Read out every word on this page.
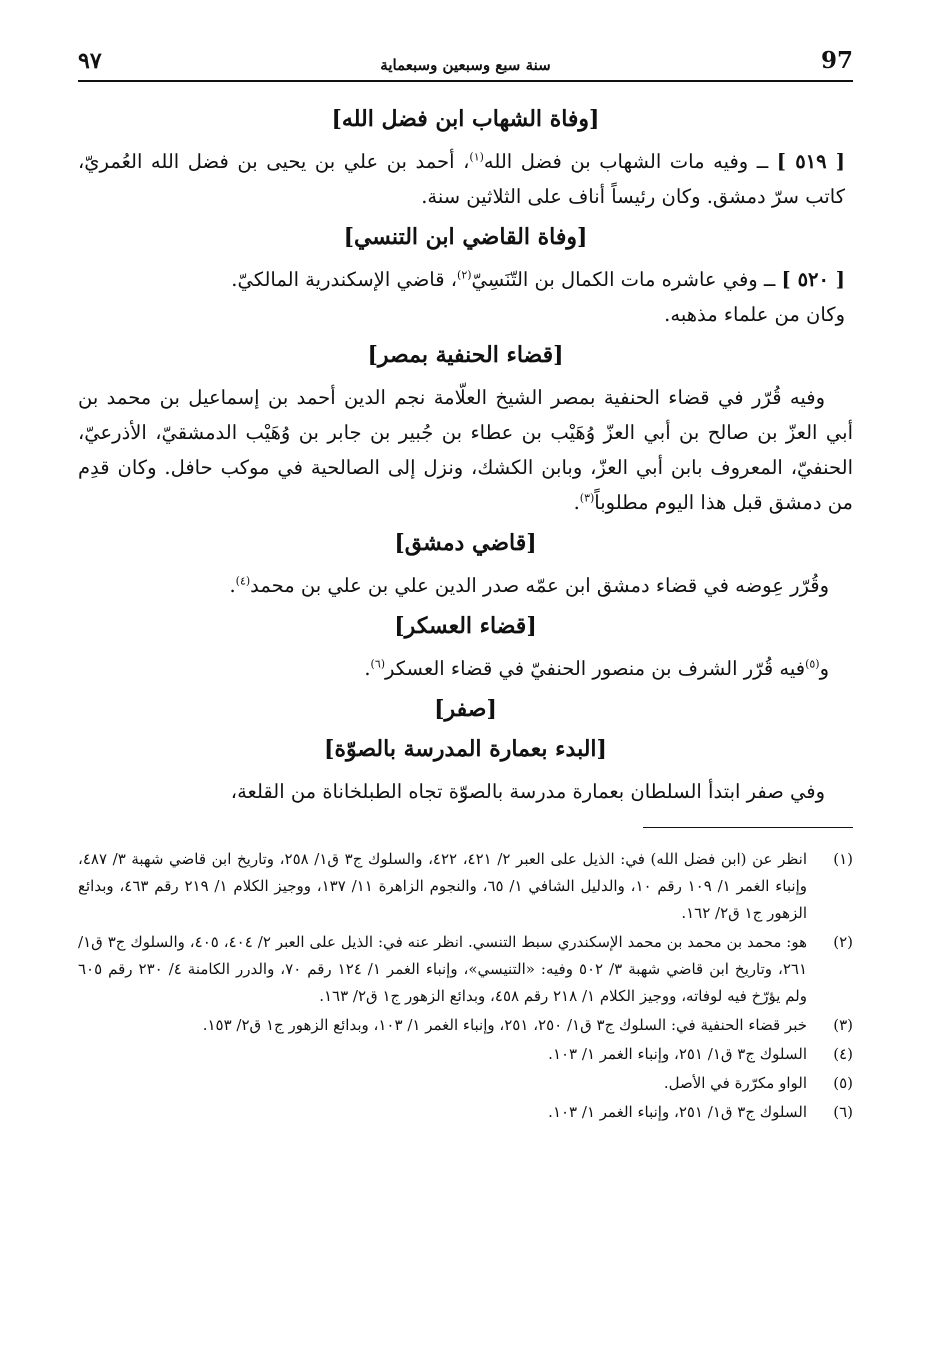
97
سنة سبع وسبعين وسبعماية
٩٧
[وفاة الشهاب ابن فضل الله]

[ ٥١٩ ] ــ وفيه مات الشهاب بن فضل الله$^{(١)}$، أحمد بن علي بن يحيى بن فضل الله العُمريّ، كاتب سرّ دمشق. وكان رئيساً أناف على الثلاثين سنة.

[وفاة القاضي ابن التنسي]

[ ٥٢٠ ] ــ وفي عاشره مات الكمال بن التّنَسِيّ$^{(٢)}$، قاضي الإسكندرية المالكيّ.
وكان من علماء مذهبه.

[قضاء الحنفية بمصر]

وفيه قُرّر في قضاء الحنفية بمصر الشيخ العلّامة نجم الدين أحمد بن إسماعيل بن محمد بن أبي العزّ بن صالح بن أبي العزّ وُهَيْب بن عطاء بن جُبير بن جابر بن وُهَيْب الدمشقيّ، الأذرعيّ، الحنفيّ، المعروف بابن أبي العزّ، وبابن الكشك، ونزل إلى الصالحية في موكب حافل. وكان قدِم من دمشق قبل هذا اليوم مطلوباً$^{(٣)}$.

[قاضي دمشق]

وقُرّر عِوضه في قضاء دمشق ابن عمّه صدر الدين علي بن علي بن محمد$^{(٤)}$.

[قضاء العسكر]

و$^{(٥)}$فيه قُرّر الشرف بن منصور الحنفيّ في قضاء العسكر$^{(٦)}$.

[صفر]
[البدء بعمارة المدرسة بالصوّة]

وفي صفر ابتدأ السلطان بعمارة مدرسة بالصوّة تجاه الطبلخاناة من القلعة،

(١)
انظر عن (ابن فضل الله) في: الذيل على العبر ٢/ ٤٢١، ٤٢٢، والسلوك ج٣ ق١/ ٢٥٨، وتاريخ ابن قاضي شهبة ٣/ ٤٨٧، وإنباء الغمر ١/ ١٠٩ رقم ١٠، والدليل الشافي ١/ ٦٥، والنجوم الزاهرة ١١/ ١٣٧، ووجيز الكلام ١/ ٢١٩ رقم ٤٦٣، وبدائع الزهور ج١ ق٢/ ١٦٢.
(٢)
هو: محمد بن محمد بن محمد الإسكندري سبط التنسي. انظر عنه في: الذيل على العبر ٢/ ٤٠٤، ٤٠٥، والسلوك ج٣ ق١/ ٢٦١، وتاريخ ابن قاضي شهبة ٣/ ٥٠٢ وفيه: «التنيسي»، وإنباء الغمر ١/ ١٢٤ رقم ٧٠، والدرر الكامنة ٤/ ٢٣٠ رقم ٦٠٥ ولم يؤرّخ فيه لوفاته، ووجيز الكلام ١/ ٢١٨ رقم ٤٥٨، وبدائع الزهور ج١ ق٢/ ١٦٣.
(٣)
خبر قضاء الحنفية في: السلوك ج٣ ق١/ ٢٥٠، ٢٥١، وإنباء الغمر ١/ ١٠٣، وبدائع الزهور ج١ ق٢/ ١٥٣.
(٤)
السلوك ج٣ ق١/ ٢٥١، وإنباء الغمر ١/ ١٠٣.
(٥)
الواو مكرّرة في الأصل.
(٦)
السلوك ج٣ ق١/ ٢٥١، وإنباء الغمر ١/ ١٠٣.
